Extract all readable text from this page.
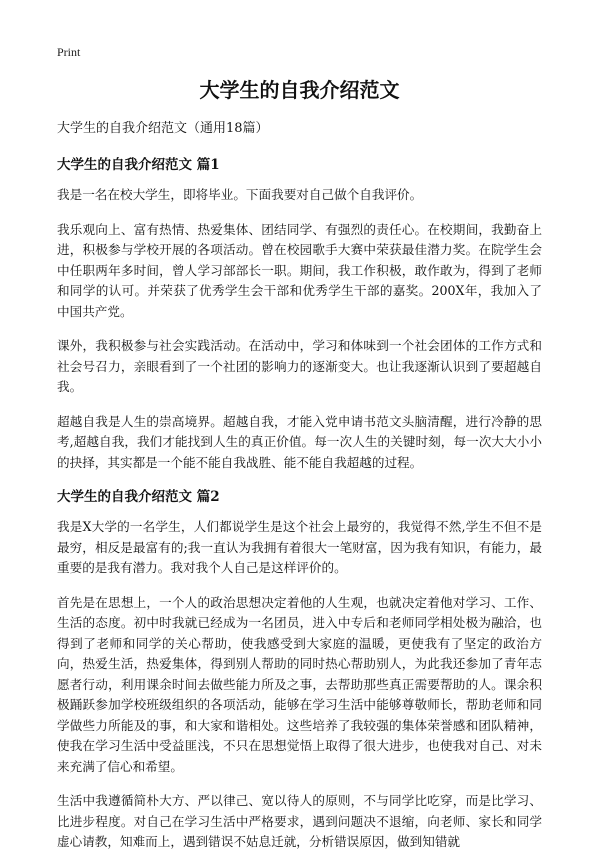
Print
大学生的自我介绍范文
大学生的自我介绍范文（通用18篇）
大学生的自我介绍范文 篇1

我是一名在校大学生，即将毕业。下面我要对自己做个自我评价。

我乐观向上、富有热情、热爱集体、团结同学、有强烈的责任心。在校期间，我勤奋上进，积极参与学校开展的各项活动。曾在校园歌手大赛中荣获最佳潜力奖。在院学生会中任职两年多时间，曾人学习部部长一职。期间，我工作积极，敢作敢为，得到了老师和同学的认可。并荣获了优秀学生会干部和优秀学生干部的嘉奖。200X年，我加入了中国共产党。

课外，我积极参与社会实践活动。在活动中，学习和体味到一个社会团体的工作方式和社会号召力，亲眼看到了一个社团的影响力的逐渐变大。也让我逐渐认识到了要超越自我。

超越自我是人生的崇高境界。超越自我，才能入党申请书范文头脑清醒，进行冷静的思考,超越自我，我们才能找到人生的真正价值。每一次人生的关键时刻，每一次大大小小的抉择，其实都是一个能不能自我战胜、能不能自我超越的过程。

大学生的自我介绍范文 篇2

我是X大学的一名学生，人们都说学生是这个社会上最穷的，我觉得不然,学生不但不是最穷，相反是最富有的;我一直认为我拥有着很大一笔财富，因为我有知识，有能力，最重要的是我有潜力。我对我个人自己是这样评价的。

首先是在思想上，一个人的政治思想决定着他的人生观，也就决定着他对学习、工作、生活的态度。初中时我就已经成为一名团员，进入中专后和老师同学相处极为融洽，也得到了老师和同学的关心帮助，使我感受到大家庭的温暖，更使我有了坚定的政治方向，热爱生活，热爱集体，得到别人帮助的同时热心帮助别人，为此我还参加了青年志愿者行动，利用课余时间去做些能力所及之事，去帮助那些真正需要帮助的人。课余积极踊跃参加学校班级组织的各项活动，能够在学习生活中能够尊敬师长，帮助老师和同学做些力所能及的事，和大家和谐相处。这些培养了我较强的集体荣誉感和团队精神，使我在学习生活中受益匪浅，不只在思想觉悟上取得了很大进步，也使我对自己、对未来充满了信心和希望。

生活中我遵循简朴大方、严以律己、宽以待人的原则，不与同学比吃穿，而是比学习、比进步程度。对自己在学习生活中严格要求，遇到问题决不退缩，向老师、家长和同学虚心请教，知难而上，遇到错误不姑息迁就，分析错误原因，做到知错就
